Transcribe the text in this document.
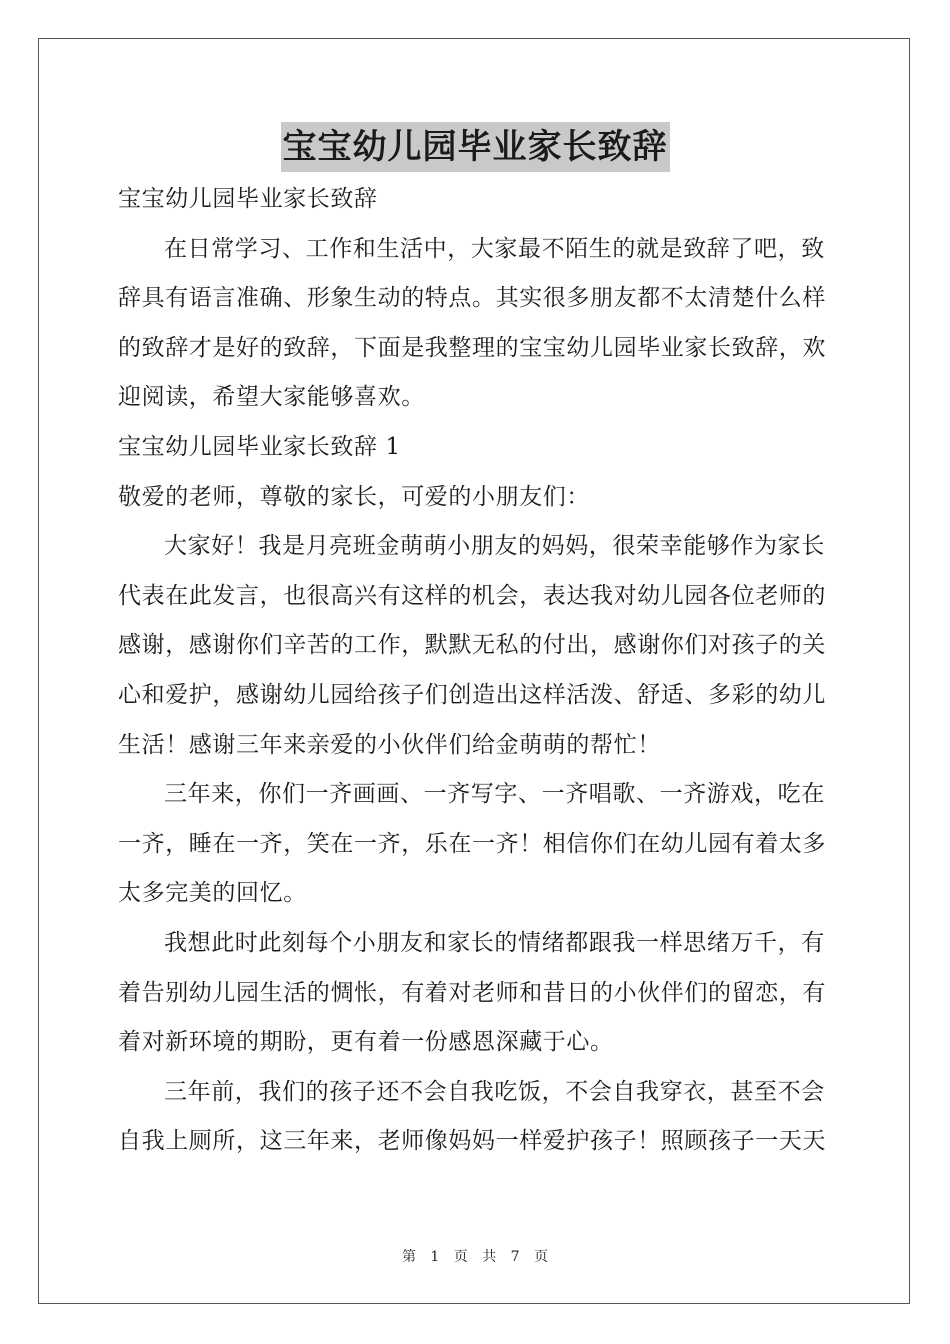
宝宝幼儿园毕业家长致辞
宝宝幼儿园毕业家长致辞
在日常学习、工作和生活中，大家最不陌生的就是致辞了吧，致
辞具有语言准确、形象生动的特点。其实很多朋友都不太清楚什么样
的致辞才是好的致辞，下面是我整理的宝宝幼儿园毕业家长致辞，欢
迎阅读，希望大家能够喜欢。
宝宝幼儿园毕业家长致辞 1
敬爱的老师，尊敬的家长，可爱的小朋友们：
大家好！我是月亮班金萌萌小朋友的妈妈，很荣幸能够作为家长
代表在此发言，也很高兴有这样的机会，表达我对幼儿园各位老师的
感谢，感谢你们辛苦的工作，默默无私的付出，感谢你们对孩子的关
心和爱护，感谢幼儿园给孩子们创造出这样活泼、舒适、多彩的幼儿
生活！感谢三年来亲爱的小伙伴们给金萌萌的帮忙！
三年来，你们一齐画画、一齐写字、一齐唱歌、一齐游戏，吃在
一齐，睡在一齐，笑在一齐，乐在一齐！相信你们在幼儿园有着太多
太多完美的回忆。
我想此时此刻每个小朋友和家长的情绪都跟我一样思绪万千，有
着告别幼儿园生活的惆怅，有着对老师和昔日的小伙伴们的留恋，有
着对新环境的期盼，更有着一份感恩深藏于心。
三年前，我们的孩子还不会自我吃饭，不会自我穿衣，甚至不会
自我上厕所，这三年来，老师像妈妈一样爱护孩子！照顾孩子一天天
第 1 页 共 7 页
